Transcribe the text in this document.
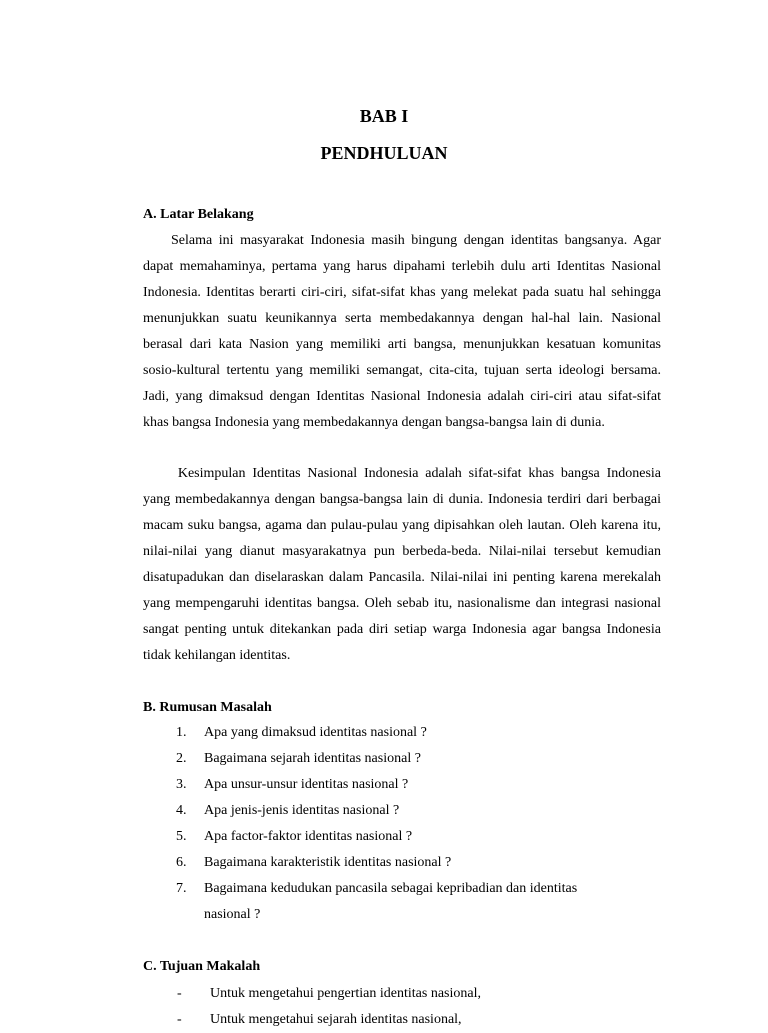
BAB I
PENDHULUAN
A. Latar Belakang

  Selama ini masyarakat Indonesia masih bingung dengan identitas bangsanya. Agar dapat memahaminya, pertama yang harus dipahami terlebih dulu arti Identitas Nasional Indonesia. Identitas berarti ciri-ciri, sifat-sifat khas yang melekat pada suatu hal sehingga menunjukkan suatu keunikannya serta membedakannya dengan hal-hal lain. Nasional berasal dari kata Nasion yang memiliki arti bangsa, menunjukkan kesatuan komunitas sosio-kultural tertentu yang memiliki semangat, cita-cita, tujuan serta ideologi bersama. Jadi, yang dimaksud dengan Identitas Nasional Indonesia adalah ciri-ciri atau sifat-sifat khas bangsa Indonesia yang membedakannya dengan bangsa-bangsa lain di dunia.

   Kesimpulan Identitas Nasional Indonesia adalah sifat-sifat khas bangsa Indonesia yang membedakannya dengan bangsa-bangsa lain di dunia. Indonesia terdiri dari berbagai macam suku bangsa, agama dan pulau-pulau yang dipisahkan oleh lautan. Oleh karena itu, nilai-nilai yang dianut masyarakatnya pun berbeda-beda. Nilai-nilai tersebut kemudian disatupadukan dan diselaraskan dalam Pancasila. Nilai-nilai ini penting karena merekalah yang mempengaruhi identitas bangsa. Oleh sebab itu, nasionalisme dan integrasi nasional sangat penting untuk ditekankan pada diri setiap warga Indonesia agar bangsa Indonesia tidak kehilangan identitas.

B. Rumusan Masalah
1.	Apa yang dimaksud identitas nasional ?
2.	Bagaimana sejarah identitas nasional ?
3.	Apa unsur-unsur identitas nasional ?
4.	Apa jenis-jenis identitas nasional ?
5.	Apa factor-faktor identitas nasional ?
6.	Bagaimana karakteristik identitas nasional ?
7.	Bagaimana kedudukan pancasila sebagai kepribadian dan identitas nasional ?
C. Tujuan Makalah
-	Untuk mengetahui pengertian identitas nasional,
-	Untuk mengetahui sejarah identitas nasional,
